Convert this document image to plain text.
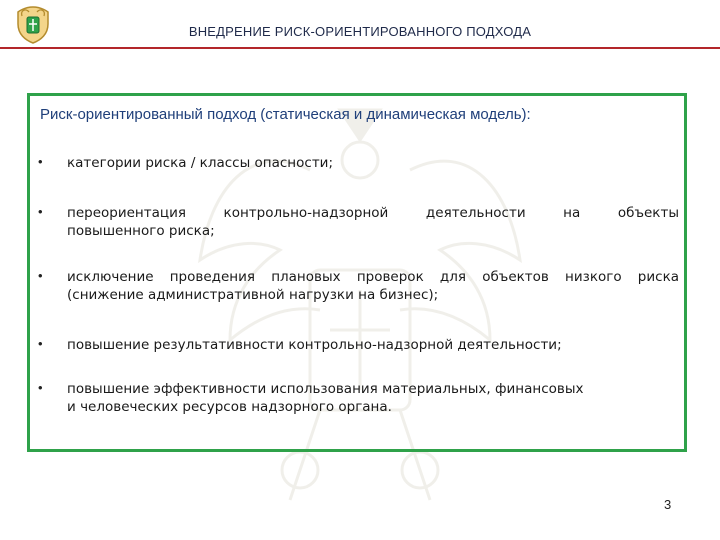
ВНЕДРЕНИЕ РИСК-ОРИЕНТИРОВАННОГО ПОДХОДА
Риск-ориентированный подход (статическая и динамическая модель):
• категории риска / классы опасности;
• переориентация контрольно-надзорной деятельности на объекты
повышенного риска;
• исключение проведения плановых проверок для объектов низкого риска
(снижение административной нагрузки на бизнес);
• повышение результативности контрольно-надзорной деятельности;
• повышение эффективности использования материальных, финансовых
и человеческих ресурсов надзорного органа.
3
